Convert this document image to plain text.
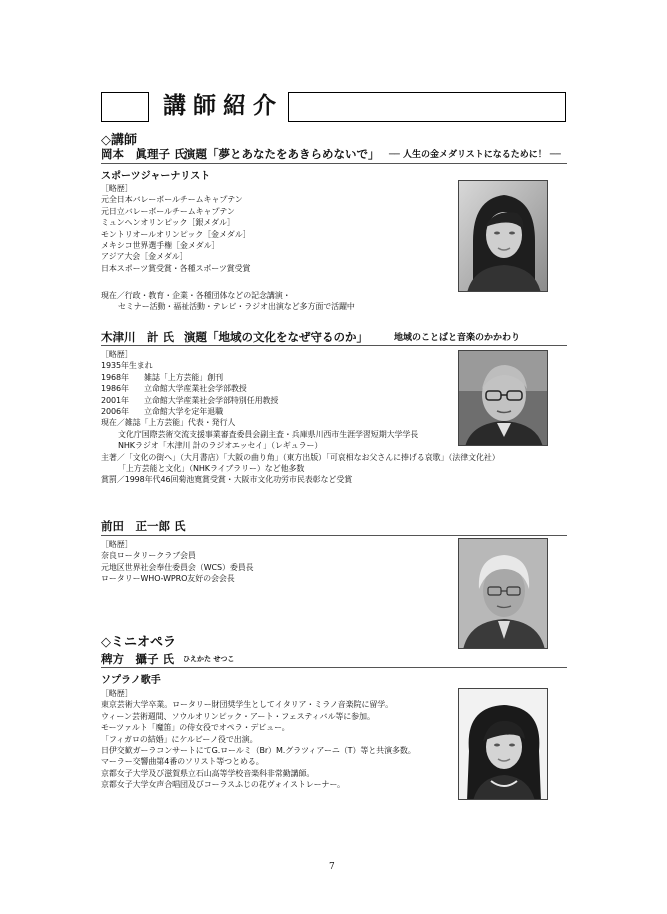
講師紹介
◇講師
岡本　眞理子 氏
演題「夢とあなたをあきらめないで」 ── 人生の金メダリストになるために！ ──
スポーツジャーナリスト
［略歴］
元全日本バレーボールチームキャプテン
元日立バレーボールチームキャプテン
ミュンヘンオリンピック［銀メダル］
モントリオールオリンピック［金メダル］
メキシコ世界選手権［金メダル］
アジア大会［金メダル］
日本スポーツ賞受賞・各種スポーツ賞受賞
現在／行政・教育・企業・各種団体などの記念講演・
セミナー活動・福祉活動・テレビ・ラジオ出演など多方面で活躍中
木津川　計 氏 演題「地域の文化をなぜ守るのか」	地域のことばと音楽のかかわり
［略歴］
1935年生まれ
1968年 雑誌「上方芸能」創刊
1986年 立命館大学産業社会学部教授
2001年 立命館大学産業社会学部特別任用教授
2006年 立命館大学を定年退職
現在／雑誌「上方芸能」代表・発行人
文化庁国際芸術交流支援事業審査委員会副主査・兵庫県川西市生涯学習短期大学学長
NHKラジオ「木津川 計のラジオエッセイ」（レギュラー）
主著／「文化の街へ」（大月書店）「大阪の曲り角」（東方出版）「可哀相なお父さんに捧げる哀歌」（法律文化社）
「上方芸能と文化」（NHKライブラリー）など他多数
賞罰／1998年代46回菊池寛賞受賞・大阪市文化功労市民表彰など受賞
前田　正一郎 氏
［略歴］
奈良ロータリークラブ会員
元地区世界社会奉仕委員会（WCS）委員長
ロータリーWHO-WPRO友好の会会長
◇ミニオペラ
稗方　攝子 氏 ひえかた せつこ
ソプラノ歌手
［略歴］
東京芸術大学卒業。ロータリー財団奨学生としてイタリア・ミラノ音楽院に留学。
ウィーン芸術週間、ソウルオリンピック・アート・フェスティバル等に参加。
モーツァルト「魔笛」の侍女役でオペラ・デビュー。
「フィガロの結婚」にケルビーノ役で出演。
日伊交歓ガーラコンサートにてG.ロールミ（Br）M.グラツィアーニ（T）等と共演多数。
マーラー交響曲第4番のソリスト等つとめる。
京都女子大学及び滋賀県立石山高等学校音楽科非常勤講師。
京都女子大学女声合唱団及びコーラスふじの花ヴォイストレーナー。
7
